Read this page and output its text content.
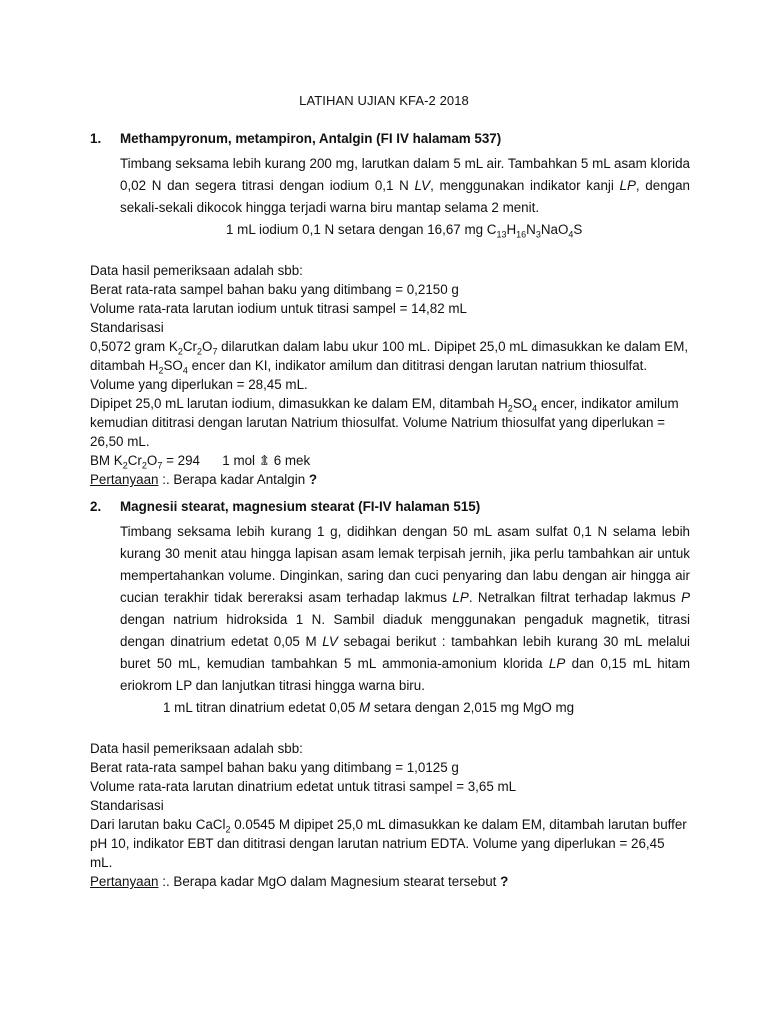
LATIHAN UJIAN KFA-2 2018
1. Methampyronum, metampiron, Antalgin (FI IV halamam 537)
Timbang seksama lebih kurang 200 mg, larutkan dalam 5 mL air. Tambahkan 5 mL asam klorida 0,02 N dan segera titrasi dengan iodium 0,1 N LV, menggunakan indikator kanji LP, dengan sekali-sekali dikocok hingga terjadi warna biru mantap selama 2 menit.
1 mL iodium 0,1 N setara dengan 16,67 mg $C_{13}H_{16}N_3NaO_4S$
Data hasil pemeriksaan adalah sbb:
Berat rata-rata sampel bahan baku yang ditimbang = 0,2150 g
Volume rata-rata larutan iodium untuk titrasi sampel = 14,82 mL
Standarisasi
0,5072 gram $K_2Cr_2O_7$ dilarutkan dalam labu ukur 100 mL. Dipipet 25,0 mL dimasukkan ke dalam EM, ditambah $H_2SO_4$ encer dan KI, indikator amilum dan dititrasi dengan larutan natrium thiosulfat. Volume yang diperlukan = 28,45 mL.
Dipipet 25,0 mL larutan iodium, dimasukkan ke dalam EM, ditambah $H_2SO_4$ encer, indikator amilum kemudian dititrasi dengan larutan Natrium thiosulfat. Volume Natrium thiosulfat yang diperlukan = 26,50 mL.
BM $K_2Cr_2O_7 = 294$      1 mol ⇭ 6 mek
Pertanyaan :. Berapa kadar Antalgin ?
2. Magnesii stearat, magnesium stearat (FI-IV halaman 515)
Timbang seksama lebih kurang 1 g, didihkan dengan 50 mL asam sulfat 0,1 N selama lebih kurang 30 menit atau hingga lapisan asam lemak terpisah jernih, jika perlu tambahkan air untuk mempertahankan volume. Dinginkan, saring dan cuci penyaring dan labu dengan air hingga air cucian terakhir tidak bereraksi asam terhadap lakmus LP. Netralkan filtrat terhadap lakmus P dengan natrium hidroksida 1 N. Sambil diaduk menggunakan pengaduk magnetik, titrasi dengan dinatrium edetat 0,05 M LV sebagai berikut : tambahkan lebih kurang 30 mL melalui buret 50 mL, kemudian tambahkan 5 mL ammonia-amonium klorida LP dan 0,15 mL hitam eriokrom LP dan lanjutkan titrasi hingga warna biru.
1 mL titran dinatrium edetat 0,05 M setara dengan 2,015 mg MgO mg
Data hasil pemeriksaan adalah sbb:
Berat rata-rata sampel bahan baku yang ditimbang = 1,0125 g
Volume rata-rata larutan dinatrium edetat untuk titrasi sampel = 3,65 mL
Standarisasi
Dari larutan baku CaCl$_2$ 0.0545 M dipipet 25,0 mL dimasukkan ke dalam EM, ditambah larutan buffer pH 10, indikator EBT dan dititrasi dengan larutan natrium EDTA. Volume yang diperlukan = 26,45 mL.
Pertanyaan :. Berapa kadar MgO dalam Magnesium stearat tersebut ?
